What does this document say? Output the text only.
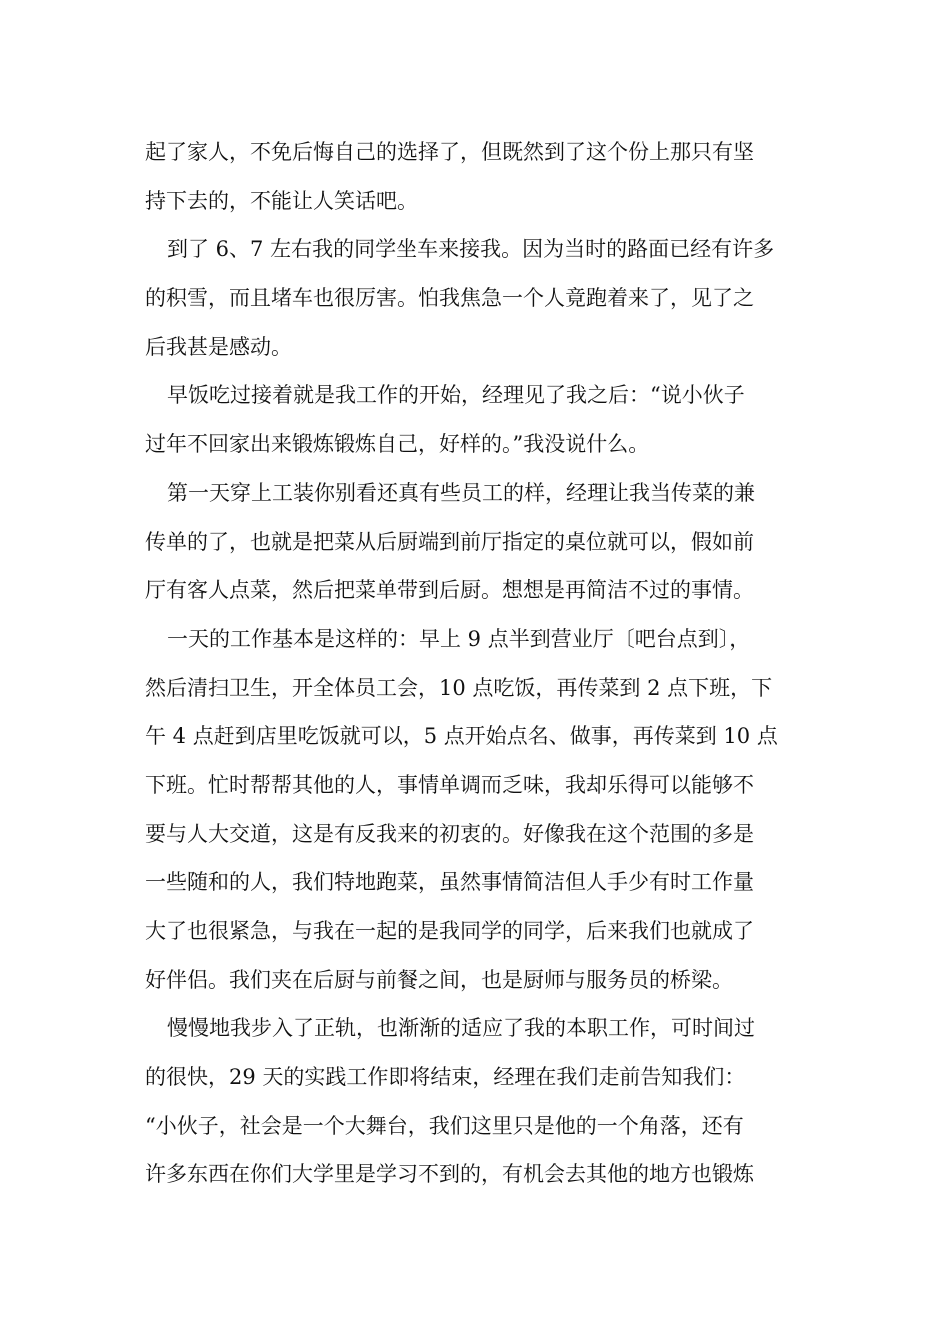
起了家人，不免后悔自己的选择了，但既然到了这个份上那只有坚
持下去的，不能让人笑话吧。
到了 6、7 左右我的同学坐车来接我。因为当时的路面已经有许多
的积雪，而且堵车也很厉害。怕我焦急一个人竟跑着来了，见了之
后我甚是感动。
早饭吃过接着就是我工作的开始，经理见了我之后：“说小伙子
过年不回家出来锻炼锻炼自己，好样的。”我没说什么。
第一天穿上工装你别看还真有些员工的样，经理让我当传菜的兼
传单的了，也就是把菜从后厨端到前厅指定的桌位就可以，假如前
厅有客人点菜，然后把菜单带到后厨。想想是再简洁不过的事情。
一天的工作基本是这样的：早上 9 点半到营业厅〔吧台点到〕，
然后清扫卫生，开全体员工会，10 点吃饭，再传菜到 2 点下班，下
午 4 点赶到店里吃饭就可以，5 点开始点名、做事，再传菜到 10 点
下班。忙时帮帮其他的人，事情单调而乏味，我却乐得可以能够不
要与人大交道，这是有反我来的初衷的。好像我在这个范围的多是
一些随和的人，我们特地跑菜，虽然事情简洁但人手少有时工作量
大了也很紧急，与我在一起的是我同学的同学，后来我们也就成了
好伴侣。我们夹在后厨与前餐之间，也是厨师与服务员的桥梁。
慢慢地我步入了正轨，也渐渐的适应了我的本职工作，可时间过
的很快，29 天的实践工作即将结束，经理在我们走前告知我们：
“小伙子，社会是一个大舞台，我们这里只是他的一个角落，还有
许多东西在你们大学里是学习不到的，有机会去其他的地方也锻炼
